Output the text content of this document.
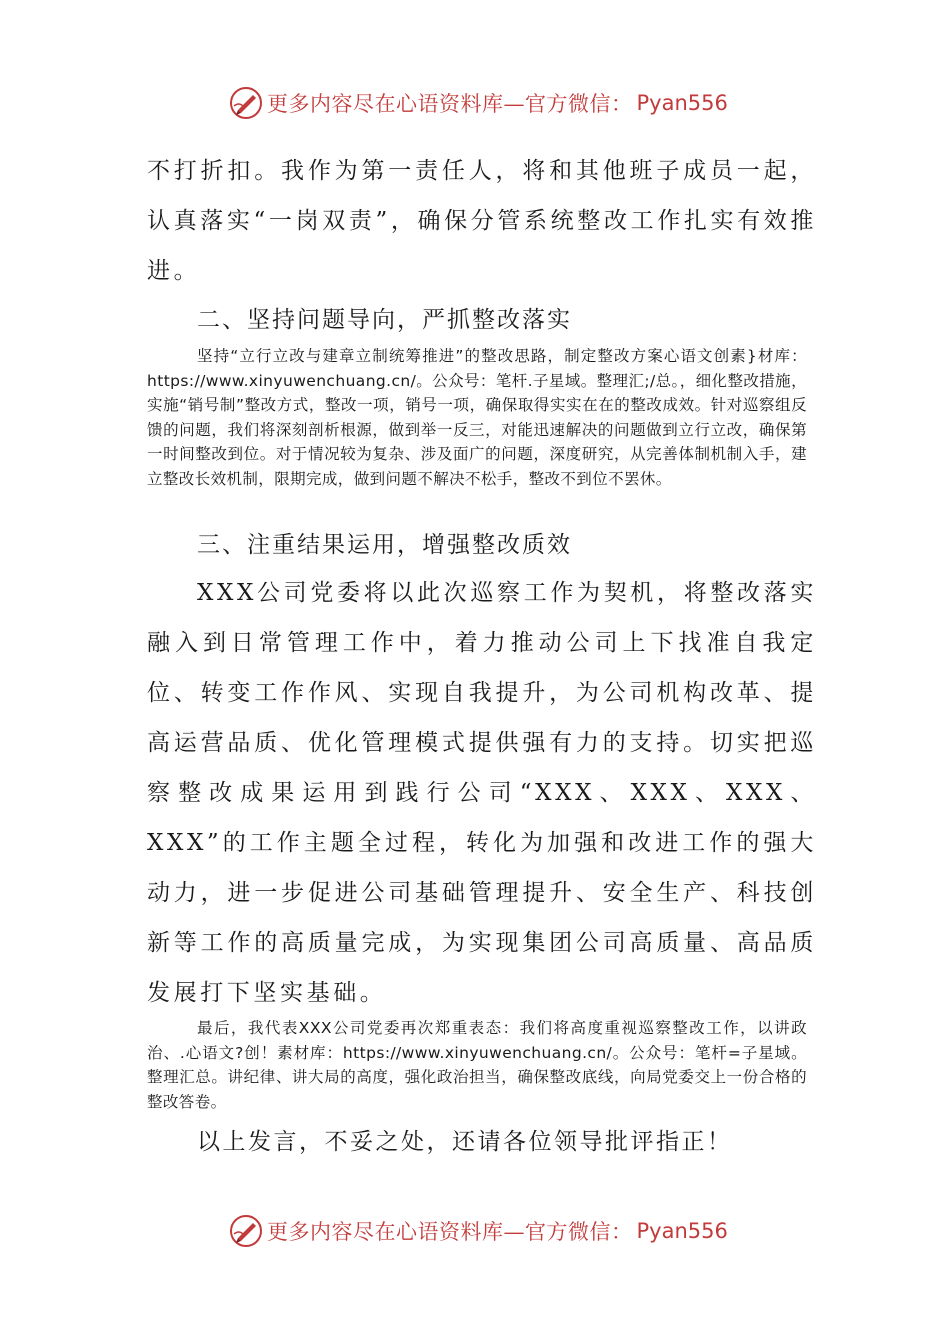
更多内容尽在心语资料库—官方微信： Pyan556

不打折扣。我作为第一责任人，将和其他班子成员一起，认真落实“一岗双责”，确保分管系统整改工作扎实有效推进。

二、坚持问题导向，严抓整改落实

坚持“立行立改与建章立制统筹推进”的整改思路，制定整改方案心语文创素}材库：https://www.xinyuwenchuang.cn/。公众号：笔杆.子星域。整理汇;/总。，细化整改措施，实施“销号制”整改方式，整改一项，销号一项，确保取得实实在在的整改成效。针对巡察组反馈的问题，我们将深刻剖析根源，做到举一反三，对能迅速解决的问题做到立行立改，确保第一时间整改到位。对于情况较为复杂、涉及面广的问题，深度研究，从完善体制机制入手，建立整改长效机制，限期完成，做到问题不解决不松手，整改不到位不罢休。

三、注重结果运用，增强整改质效

XXX公司党委将以此次巡察工作为契机，将整改落实融入到日常管理工作中，着力推动公司上下找准自我定位、转变工作作风、实现自我提升，为公司机构改革、提高运营品质、优化管理模式提供强有力的支持。切实把巡察整改成果运用到践行公司“XXX、XXX、XXX、XXX”的工作主题全过程，转化为加强和改进工作的强大动力，进一步促进公司基础管理提升、安全生产、科技创新等工作的高质量完成，为实现集团公司高质量、高品质发展打下坚实基础。

最后，我代表XXX公司党委再次郑重表态：我们将高度重视巡察整改工作，以讲政治、.心语文?创！素材库：https://www.xinyuwenchuang.cn/。公众号：笔杆=子星域。整理汇总。讲纪律、讲大局的高度，强化政治担当，确保整改底线，向局党委交上一份合格的整改答卷。

以上发言，不妥之处，还请各位领导批评指正！

更多内容尽在心语资料库—官方微信： Pyan556
